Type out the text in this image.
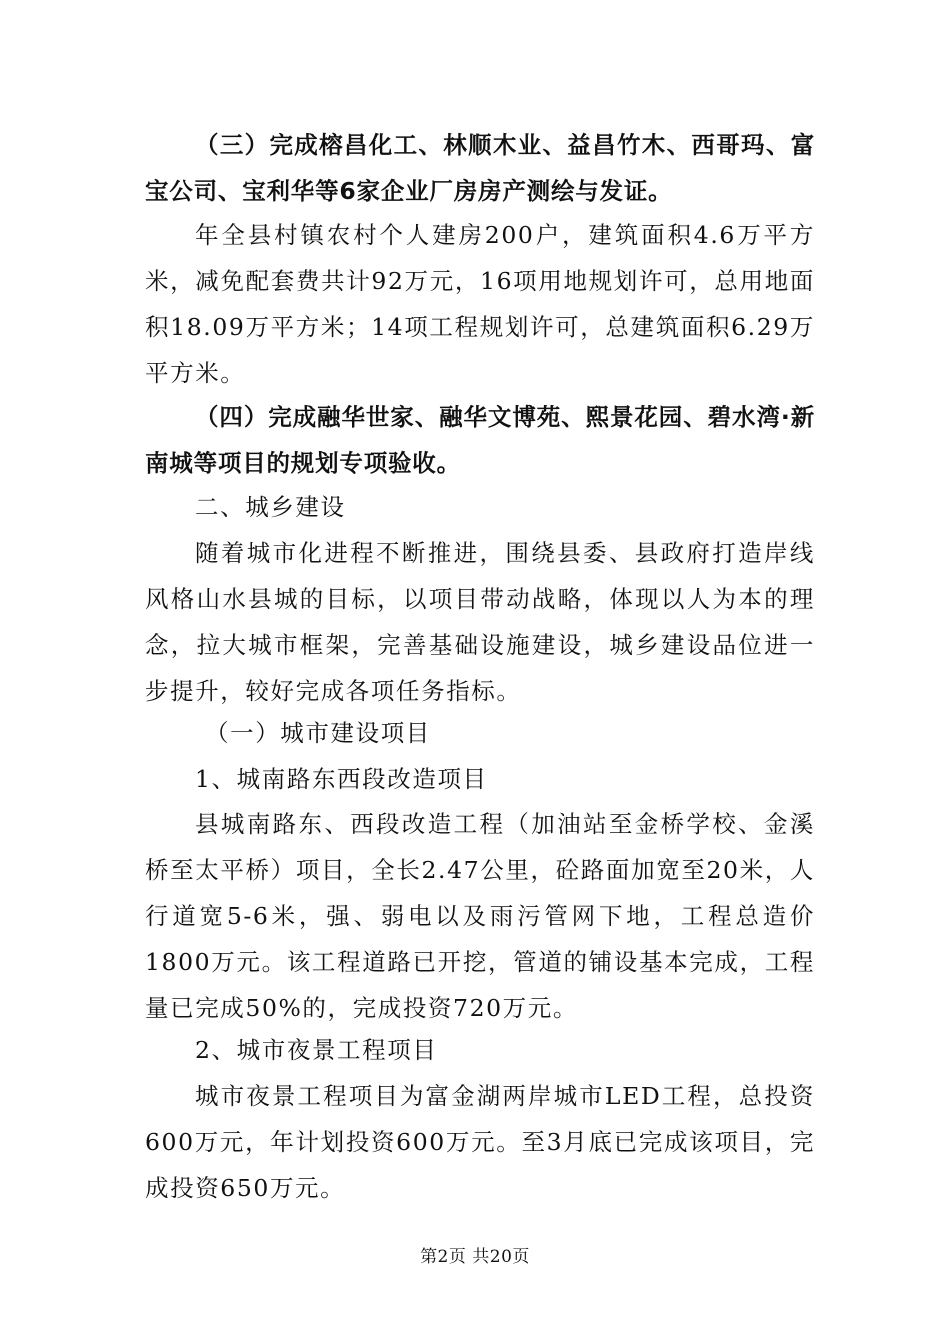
（三）完成榕昌化工、林顺木业、益昌竹木、西哥玛、富宝公司、宝利华等6家企业厂房房产测绘与发证。

年全县村镇农村个人建房200户，建筑面积4.6万平方米，减免配套费共计92万元，16项用地规划许可，总用地面积18.09万平方米；14项工程规划许可，总建筑面积6.29万平方米。

（四）完成融华世家、融华文博苑、熙景花园、碧水湾·新南城等项目的规划专项验收。

二、城乡建设

随着城市化进程不断推进，围绕县委、县政府打造岸线风格山水县城的目标，以项目带动战略，体现以人为本的理念，拉大城市框架，完善基础设施建设，城乡建设品位进一步提升，较好完成各项任务指标。

（一）城市建设项目

1、城南路东西段改造项目

县城南路东、西段改造工程（加油站至金桥学校、金溪桥至太平桥）项目，全长2.47公里，砼路面加宽至20米，人行道宽5-6米，强、弱电以及雨污管网下地，工程总造价1800万元。该工程道路已开挖，管道的铺设基本完成，工程量已完成50%的，完成投资720万元。

2、城市夜景工程项目

城市夜景工程项目为富金湖两岸城市LED工程，总投资600万元，年计划投资600万元。至3月底已完成该项目，完成投资650万元。

第2页 共20页
